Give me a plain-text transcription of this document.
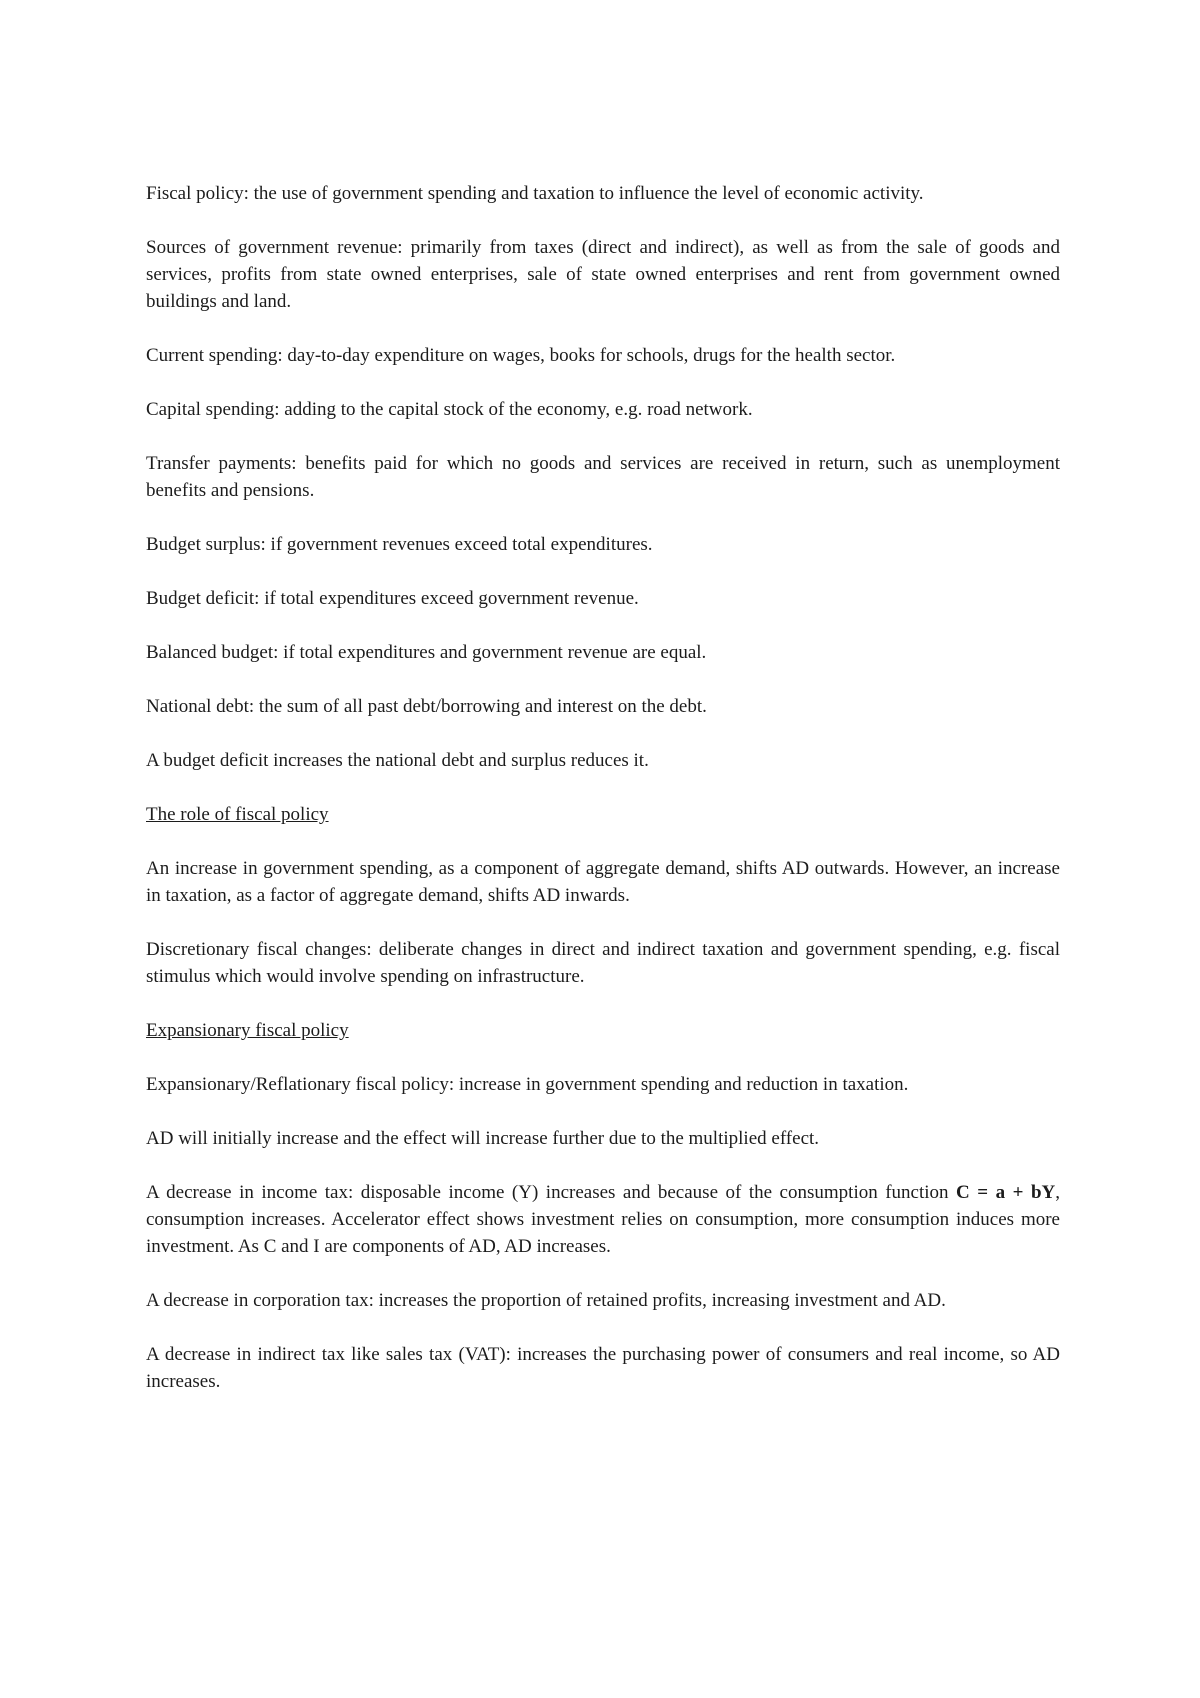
Fiscal policy: the use of government spending and taxation to influence the level of economic activity.

Sources of government revenue: primarily from taxes (direct and indirect), as well as from the sale of goods and services, profits from state owned enterprises, sale of state owned enterprises and rent from government owned buildings and land.

Current spending: day-to-day expenditure on wages, books for schools, drugs for the health sector.

Capital spending: adding to the capital stock of the economy, e.g. road network.

Transfer payments: benefits paid for which no goods and services are received in return, such as unemployment benefits and pensions.

Budget surplus: if government revenues exceed total expenditures.

Budget deficit: if total expenditures exceed government revenue.

Balanced budget: if total expenditures and government revenue are equal.

National debt: the sum of all past debt/borrowing and interest on the debt.

A budget deficit increases the national debt and surplus reduces it.

The role of fiscal policy

An increase in government spending, as a component of aggregate demand, shifts AD outwards. However, an increase in taxation, as a factor of aggregate demand, shifts AD inwards.

Discretionary fiscal changes: deliberate changes in direct and indirect taxation and government spending, e.g. fiscal stimulus which would involve spending on infrastructure.

Expansionary fiscal policy

Expansionary/Reflationary fiscal policy: increase in government spending and reduction in taxation.

AD will initially increase and the effect will increase further due to the multiplied effect.

A decrease in income tax: disposable income (Y) increases and because of the consumption function C = a + bY, consumption increases. Accelerator effect shows investment relies on consumption, more consumption induces more investment. As C and I are components of AD, AD increases.

A decrease in corporation tax: increases the proportion of retained profits, increasing investment and AD.

A decrease in indirect tax like sales tax (VAT): increases the purchasing power of consumers and real income, so AD increases.
